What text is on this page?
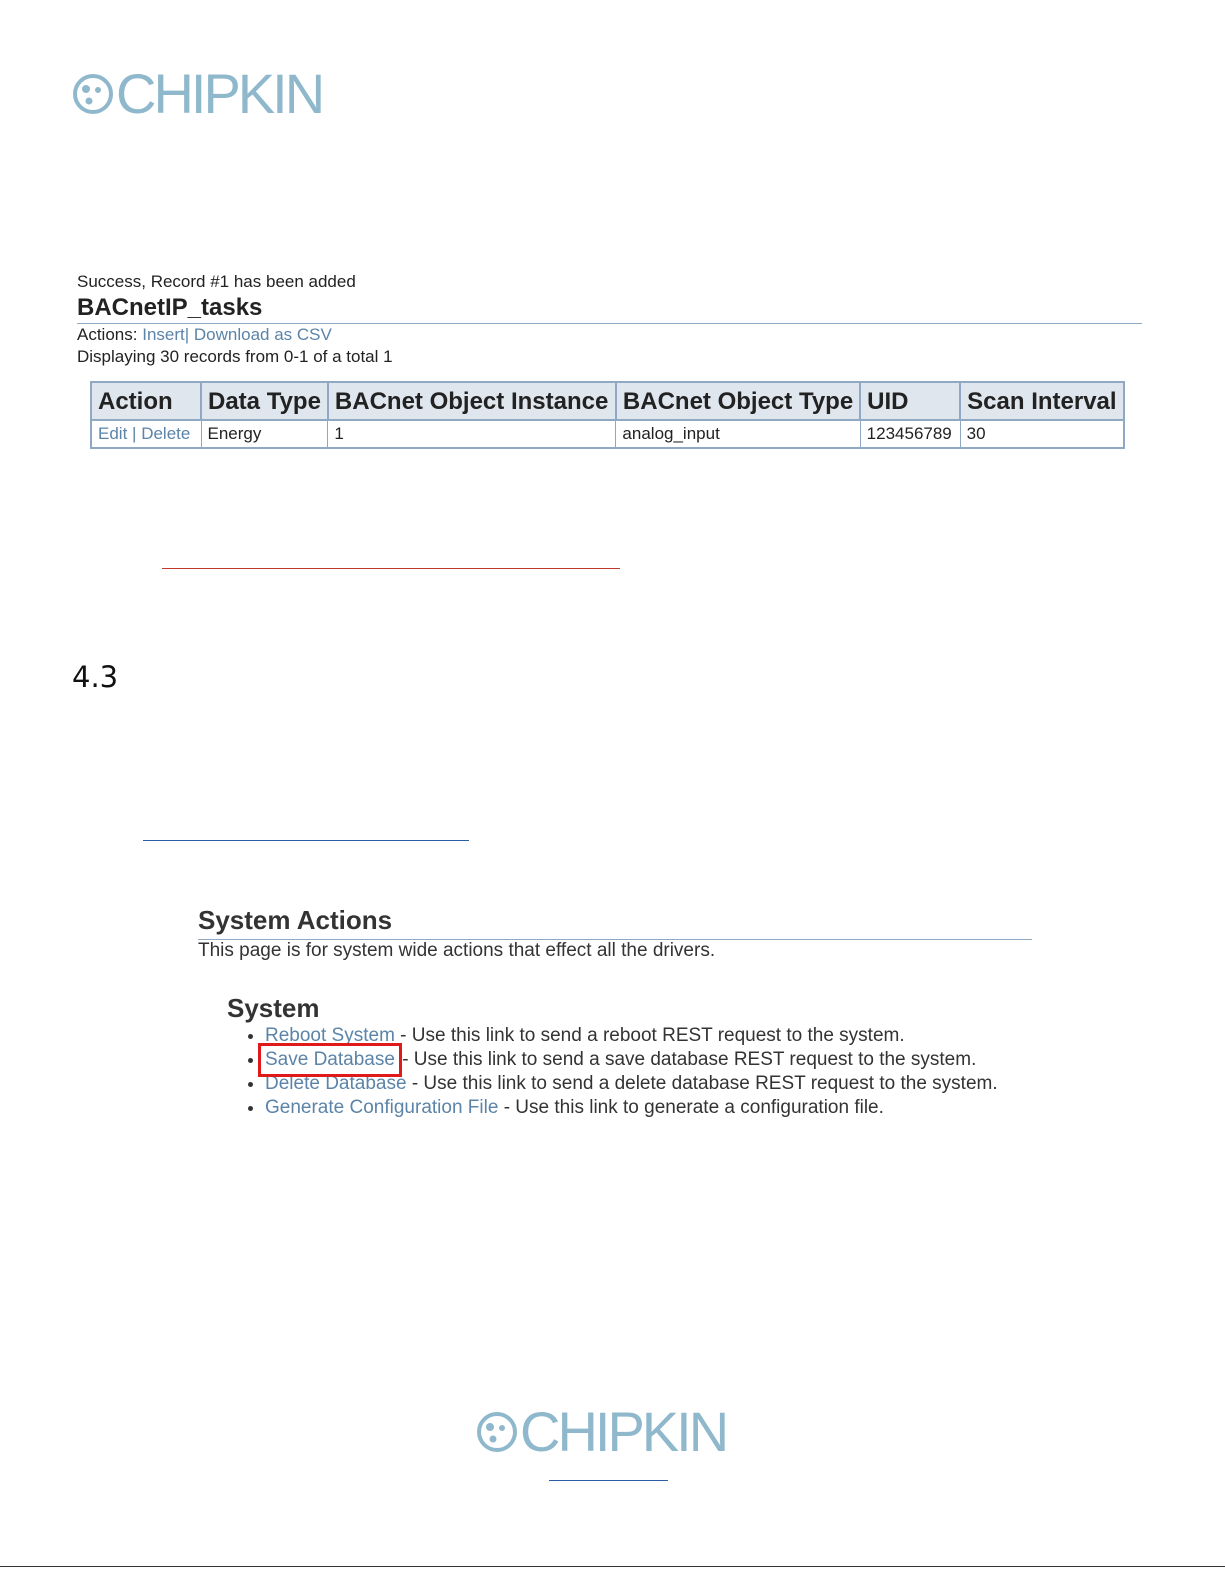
CHIPKIN
Success, Record #1 has been added
BACnetIP_tasks
Actions: Insert| Download as CSV
Displaying 30 records from 0-1 of a total 1
Action	Data Type	BACnet Object Instance	BACnet Object Type	UID	Scan Interval
Edit | Delete	Energy	1	analog_input	123456789	30
4.3
System Actions
This page is for system wide actions that effect all the drivers.
System
• Reboot System - Use this link to send a reboot REST request to the system.
• Save Database - Use this link to send a save database REST request to the system.
• Delete Database - Use this link to send a delete database REST request to the system.
• Generate Configuration File - Use this link to generate a configuration file.
CHIPKIN
